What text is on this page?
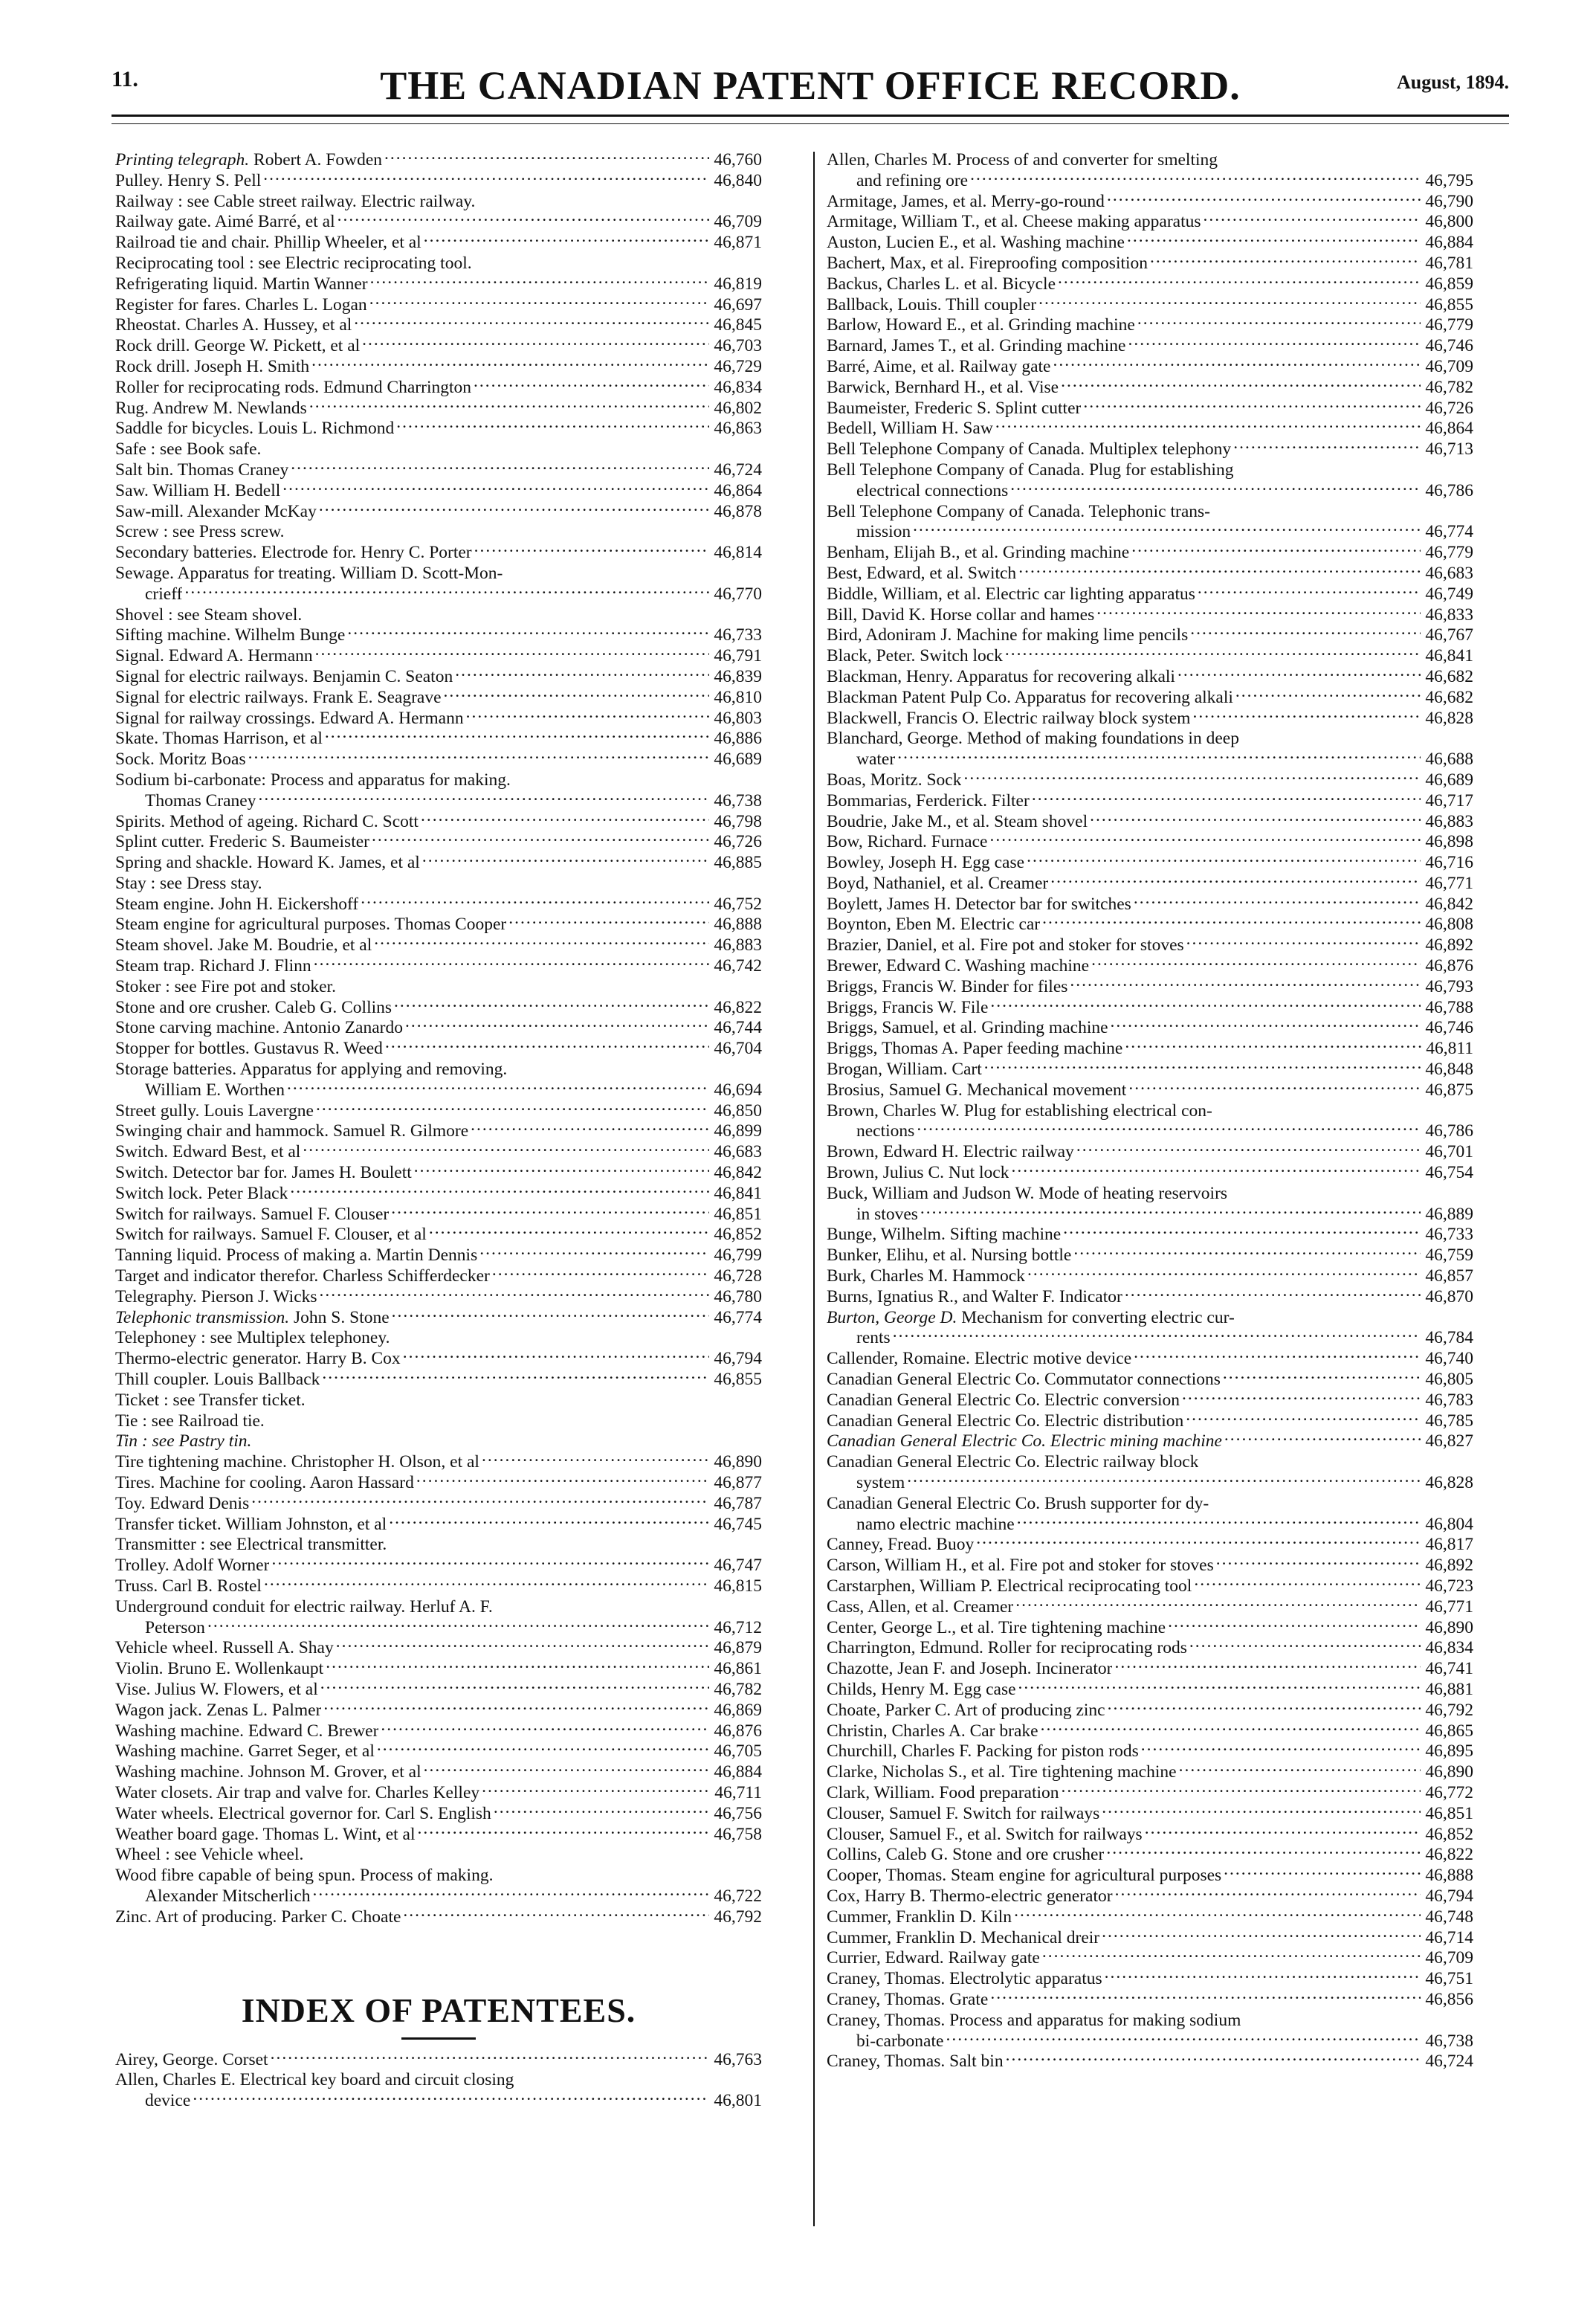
11.	THE CANADIAN PATENT OFFICE RECORD.	August, 1894.
Printing telegraph. Robert A. Fowden .....	46,760
Pulley. Henry S. Pell .....	46,840
Railway : see Cable street railway. Electric railway.
Railway gate. Aimé Barré, et al .....	46,709
Railroad tie and chair. Phillip Wheeler, et al .....	46,871
Reciprocating tool : see Electric reciprocating tool.
Refrigerating liquid. Martin Wanner .....	46,819
Register for fares. Charles L. Logan .....	46,697
Rheostat. Charles A. Hussey, et al .....	46,845
Rock drill. George W. Pickett, et al .....	46,703
Rock drill. Joseph H. Smith .....	46,729
Roller for reciprocating rods. Edmund Charrington .....	46,834
Rug. Andrew M. Newlands .....	46,802
Saddle for bicycles. Louis L. Richmond .....	46,863
Safe : see Book safe.
Salt bin. Thomas Craney .....	46,724
Saw. William H. Bedell .....	46,864
Saw-mill. Alexander McKay .....	46,878
Screw : see Press screw.
Secondary batteries. Electrode for. Henry C. Porter .....	46,814
Sewage. Apparatus for treating. William D. Scott-Mon-
crieff .....	46,770
Shovel : see Steam shovel.
Sifting machine. Wilhelm Bunge .....	46,733
Signal. Edward A. Hermann .....	46,791
Signal for electric railways. Benjamin C. Seaton .....	46,839
Signal for electric railways. Frank E. Seagrave .....	46,810
Signal for railway crossings. Edward A. Hermann .....	46,803
Skate. Thomas Harrison, et al .....	46,886
Sock. Moritz Boas .....	46,689
Sodium bi-carbonate: Process and apparatus for making.
Thomas Craney .....	46,738
Spirits. Method of ageing. Richard C. Scott .....	46,798
Splint cutter. Frederic S. Baumeister .....	46,726
Spring and shackle. Howard K. James, et al .....	46,885
Stay : see Dress stay.
Steam engine. John H. Eickershoff .....	46,752
Steam engine for agricultural purposes. Thomas Cooper .....	46,888
Steam shovel. Jake M. Boudrie, et al .....	46,883
Steam trap. Richard J. Flinn .....	46,742
Stoker : see Fire pot and stoker.
Stone and ore crusher. Caleb G. Collins .....	46,822
Stone carving machine. Antonio Zanardo .....	46,744
Stopper for bottles. Gustavus R. Weed .....	46,704
Storage batteries. Apparatus for applying and removing.
William E. Worthen .....	46,694
Street gully. Louis Lavergne .....	46,850
Swinging chair and hammock. Samuel R. Gilmore .....	46,899
Switch. Edward Best, et al .....	46,683
Switch. Detector bar for. James H. Boulett .....	46,842
Switch lock. Peter Black .....	46,841
Switch for railways. Samuel F. Clouser .....	46,851
Switch for railways. Samuel F. Clouser, et al .....	46,852
Tanning liquid. Process of making a. Martin Dennis .....	46,799
Target and indicator therefor. Charless Schifferdecker .....	46,728
Telegraphy. Pierson J. Wicks .....	46,780
Telephonic transmission. John S. Stone .....	46,774
Telephoney : see Multiplex telephoney.
Thermo-electric generator. Harry B. Cox .....	46,794
Thill coupler. Louis Ballback .....	46,855
Ticket : see Transfer ticket.
Tie : see Railroad tie.
Tin : see Pastry tin.
Tire tightening machine. Christopher H. Olson, et al .....	46,890
Tires. Machine for cooling. Aaron Hassard .....	46,877
Toy. Edward Denis .....	46,787
Transfer ticket. William Johnston, et al .....	46,745
Transmitter : see Electrical transmitter.
Trolley. Adolf Worner .....	46,747
Truss. Carl B. Rostel .....	46,815
Underground conduit for electric railway. Herluf A. F.
Peterson .....	46,712
Vehicle wheel. Russell A. Shay .....	46,879
Violin. Bruno E. Wollenkaupt .....	46,861
Vise. Julius W. Flowers, et al .....	46,782
Wagon jack. Zenas L. Palmer .....	46,869
Washing machine. Edward C. Brewer .....	46,876
Washing machine. Garret Seger, et al .....	46,705
Washing machine. Johnson M. Grover, et al .....	46,884
Water closets. Air trap and valve for. Charles Kelley .....	46,711
Water wheels. Electrical governor for. Carl S. English .....	46,756
Weather board gage. Thomas L. Wint, et al .....	46,758
Wheel : see Vehicle wheel.
Wood fibre capable of being spun. Process of making.
Alexander Mitscherlich .....	46,722
Zinc. Art of producing. Parker C. Choate .....	46,792
INDEX OF PATENTEES.
Airey, George. Corset .....	46,763
Allen, Charles E. Electrical key board and circuit closing
device .....	46,801
Allen, Charles M. Process of and converter for smelting
and refining ore .....	46,795
Armitage, James, et al. Merry-go-round .....	46,790
Armitage, William T., et al. Cheese making apparatus .....	46,800
Auston, Lucien E., et al. Washing machine .....	46,884
Bachert, Max, et al. Fireproofing composition .....	46,781
Backus, Charles L. et al. Bicycle .....	46,859
Ballback, Louis. Thill coupler .....	46,855
Barlow, Howard E., et al. Grinding machine .....	46,779
Barnard, James T., et al. Grinding machine .....	46,746
Barré, Aime, et al. Railway gate .....	46,709
Barwick, Bernhard H., et al. Vise .....	46,782
Baumeister, Frederic S. Splint cutter .....	46,726
Bedell, William H. Saw .....	46,864
Bell Telephone Company of Canada. Multiplex telephony .....	46,713
Bell Telephone Company of Canada. Plug for establishing
electrical connections .....	46,786
Bell Telephone Company of Canada. Telephonic trans-
mission .....	46,774
Benham, Elijah B., et al. Grinding machine .....	46,779
Best, Edward, et al. Switch .....	46,683
Biddle, William, et al. Electric car lighting apparatus .....	46,749
Bill, David K. Horse collar and hames .....	46,833
Bird, Adoniram J. Machine for making lime pencils .....	46,767
Black, Peter. Switch lock .....	46,841
Blackman, Henry. Apparatus for recovering alkali .....	46,682
Blackman Patent Pulp Co. Apparatus for recovering alkali .....	46,682
Blackwell, Francis O. Electric railway block system .....	46,828
Blanchard, George. Method of making foundations in deep
water .....	46,688
Boas, Moritz. Sock .....	46,689
Bommarias, Ferderick. Filter .....	46,717
Boudrie, Jake M., et al. Steam shovel .....	46,883
Bow, Richard. Furnace .....	46,898
Bowley, Joseph H. Egg case .....	46,716
Boyd, Nathaniel, et al. Creamer .....	46,771
Boylett, James H. Detector bar for switches .....	46,842
Boynton, Eben M. Electric car .....	46,808
Brazier, Daniel, et al. Fire pot and stoker for stoves .....	46,892
Brewer, Edward C. Washing machine .....	46,876
Briggs, Francis W. Binder for files .....	46,793
Briggs, Francis W. File .....	46,788
Briggs, Samuel, et al. Grinding machine .....	46,746
Briggs, Thomas A. Paper feeding machine .....	46,811
Brogan, William. Cart .....	46,848
Brosius, Samuel G. Mechanical movement .....	46,875
Brown, Charles W. Plug for establishing electrical con-
nections .....	46,786
Brown, Edward H. Electric railway .....	46,701
Brown, Julius C. Nut lock .....	46,754
Buck, William and Judson W. Mode of heating reservoirs
in stoves .....	46,889
Bunge, Wilhelm. Sifting machine .....	46,733
Bunker, Elihu, et al. Nursing bottle .....	46,759
Burk, Charles M. Hammock .....	46,857
Burns, Ignatius R., and Walter F. Indicator .....	46,870
Burton, George D. Mechanism for converting electric cur-
rents .....	46,784
Callender, Romaine. Electric motive device .....	46,740
Canadian General Electric Co. Commutator connections .....	46,805
Canadian General Electric Co. Electric conversion .....	46,783
Canadian General Electric Co. Electric distribution .....	46,785
Canadian General Electric Co. Electric mining machine .....	46,827
Canadian General Electric Co. Electric railway block
system .....	46,828
Canadian General Electric Co. Brush supporter for dy-
namo electric machine .....	46,804
Canney, Fread. Buoy .....	46,817
Carson, William H., et al. Fire pot and stoker for stoves .....	46,892
Carstarphen, William P. Electrical reciprocating tool .....	46,723
Cass, Allen, et al. Creamer .....	46,771
Center, George L., et al. Tire tightening machine .....	46,890
Charrington, Edmund. Roller for reciprocating rods .....	46,834
Chazotte, Jean F. and Joseph. Incinerator .....	46,741
Childs, Henry M. Egg case .....	46,881
Choate, Parker C. Art of producing zinc .....	46,792
Christin, Charles A. Car brake .....	46,865
Churchill, Charles F. Packing for piston rods .....	46,895
Clarke, Nicholas S., et al. Tire tightening machine .....	46,890
Clark, William. Food preparation .....	46,772
Clouser, Samuel F. Switch for railways .....	46,851
Clouser, Samuel F., et al. Switch for railways .....	46,852
Collins, Caleb G. Stone and ore crusher .....	46,822
Cooper, Thomas. Steam engine for agricultural purposes .....	46,888
Cox, Harry B. Thermo-electric generator .....	46,794
Cummer, Franklin D. Kiln .....	46,748
Cummer, Franklin D. Mechanical dreir .....	46,714
Currier, Edward. Railway gate .....	46,709
Craney, Thomas. Electrolytic apparatus .....	46,751
Craney, Thomas. Grate .....	46,856
Craney, Thomas. Process and apparatus for making sodium
bi-carbonate .....	46,738
Craney, Thomas. Salt bin .....	46,724
